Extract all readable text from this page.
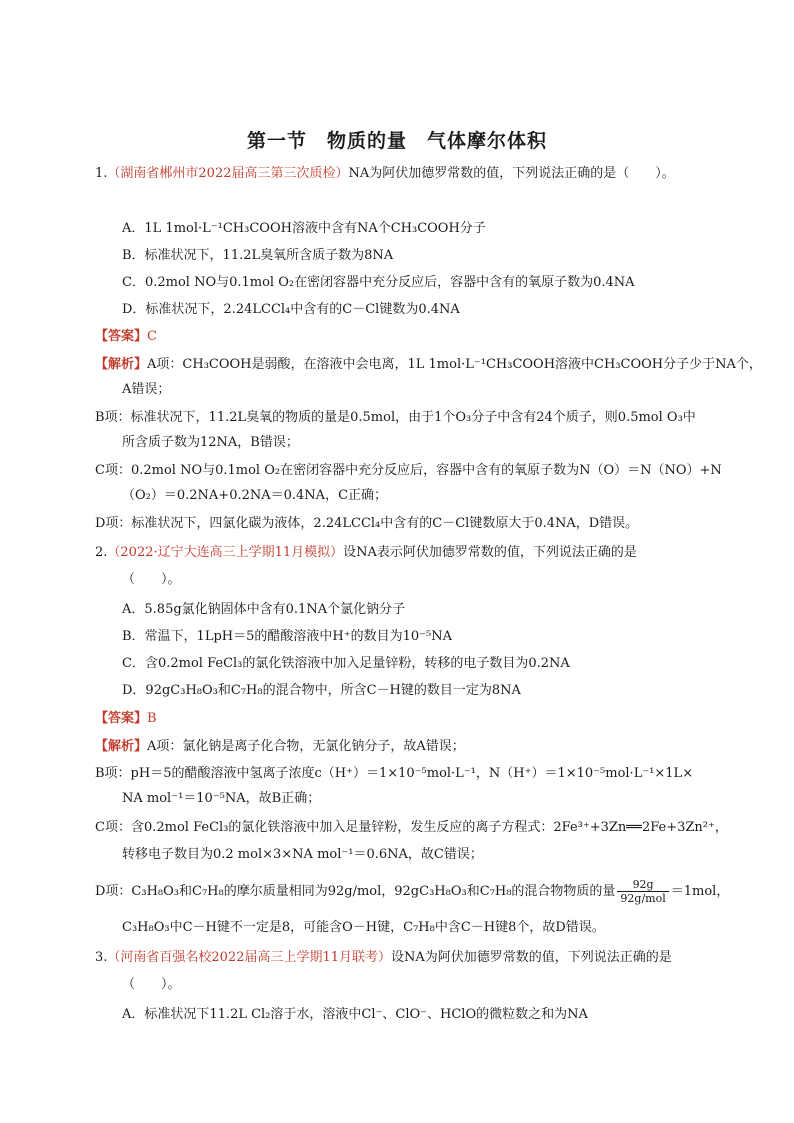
第一节　物质的量　气体摩尔体积
1.（湖南省郴州市2022届高三第三次质检）NA为阿伏加德罗常数的值，下列说法正确的是（　　）。
A．1L 1mol·L⁻¹CH₃COOH溶液中含有NA个CH₃COOH分子
B．标准状况下，11.2L臭氧所含质子数为8NA
C．0.2mol NO与0.1mol O₂在密闭容器中充分反应后，容器中含有的氧原子数为0.4NA
D．标准状况下，2.24LCCl₄中含有的C－Cl键数为0.4NA
【答案】C
【解析】A项：CH₃COOH是弱酸，在溶液中会电离，1L 1mol·L⁻¹CH₃COOH溶液中CH₃COOH分子少于NA个，
A错误；
B项：标准状况下，11.2L臭氧的物质的量是0.5mol，由于1个O₃分子中含有24个质子，则0.5mol O₃中
所含质子数为12NA，B错误；
C项：0.2mol NO与0.1mol O₂在密闭容器中充分反应后，容器中含有的氧原子数为N（O）＝N（NO）+N
（O₂）＝0.2NA+0.2NA＝0.4NA，C正确；
D项：标准状况下，四氯化碳为液体，2.24LCCl₄中含有的C－Cl键数原大于0.4NA，D错误。
2.（2022·辽宁大连高三上学期11月模拟）设NA表示阿伏加德罗常数的值，下列说法正确的是
（　　）。
A．5.85g氯化钠固体中含有0.1NA个氯化钠分子
B．常温下，1LpH＝5的醋酸溶液中H⁺的数目为10⁻⁵NA
C．含0.2mol FeCl₃的氯化铁溶液中加入足量锌粉，转移的电子数目为0.2NA
D．92gC₃H₈O₃和C₇H₈的混合物中，所含C－H键的数目一定为8NA
【答案】B
【解析】A项：氯化钠是离子化合物，无氯化钠分子，故A错误；
B项：pH＝5的醋酸溶液中氢离子浓度c（H⁺）＝1×10⁻⁵mol·L⁻¹，N（H⁺）＝1×10⁻⁵mol·L⁻¹×1L×
NA mol⁻¹＝10⁻⁵NA，故B正确；
C项：含0.2mol FeCl₃的氯化铁溶液中加入足量锌粉，发生反应的离子方程式：2Fe³⁺+3Zn══2Fe+3Zn²⁺，
转移电子数目为0.2 mol×3×NA mol⁻¹＝0.6NA，故C错误；
D项：C₃H₈O₃和C₇H₈的摩尔质量相同为92g/mol，92gC₃H₈O₃和C₇H₈的混合物物质的量 $\frac{92g}{\text{92g/mol}} =1mol$，
C₃H₈O₃中C－H键不一定是8，可能含O－H键，C₇H₈中含C－H键8个，故D错误。
3.（河南省百强名校2022届高三上学期11月联考）设NA为阿伏加德罗常数的值，下列说法正确的是
（　　）。
A．标准状况下11.2L Cl₂溶于水，溶液中Cl⁻、ClO⁻、HClO的微粒数之和为NA
